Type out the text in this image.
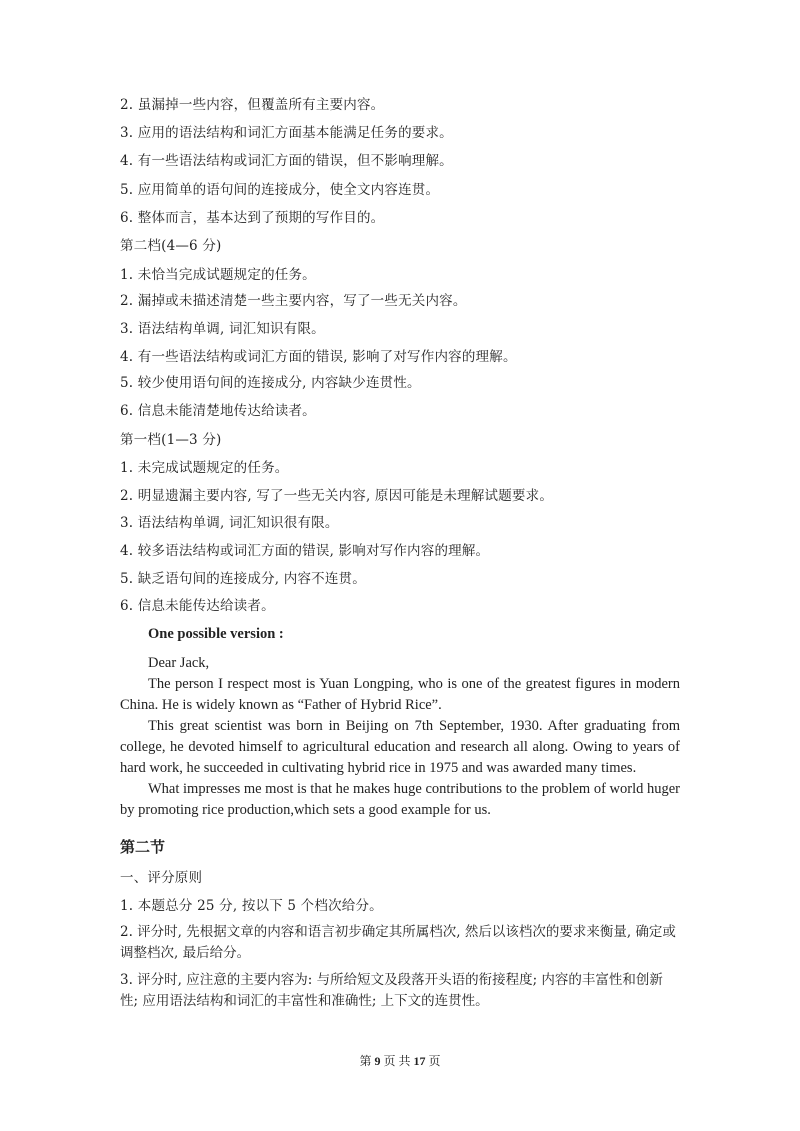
2. 虽漏掉一些内容，但覆盖所有主要内容。
3. 应用的语法结构和词汇方面基本能满足任务的要求。
4. 有一些语法结构或词汇方面的错误，但不影响理解。
5. 应用简单的语句间的连接成分，使全文内容连贯。
6. 整体而言，基本达到了预期的写作目的。
第二档(4—6 分)
1. 未恰当完成试题规定的任务。
2. 漏掉或未描述清楚一些主要内容，写了一些无关内容。
3. 语法结构单调, 词汇知识有限。
4. 有一些语法结构或词汇方面的错误, 影响了对写作内容的理解。
5. 较少使用语句间的连接成分, 内容缺少连贯性。
6. 信息未能清楚地传达给读者。
第一档(1—3 分)
1. 未完成试题规定的任务。
2. 明显遗漏主要内容, 写了一些无关内容, 原因可能是未理解试题要求。
3. 语法结构单调, 词汇知识很有限。
4. 较多语法结构或词汇方面的错误, 影响对写作内容的理解。
5. 缺乏语句间的连接成分, 内容不连贯。
6. 信息未能传达给读者。
One possible version :
Dear Jack,
The person I respect most is Yuan Longping, who is one of the greatest figures in modern
China. He is widely known as “Father of Hybrid Rice”.
This great scientist was born in Beijing on 7th September, 1930. After graduating from
college, he devoted himself to agricultural education and research all along. Owing to years of
hard work, he succeeded in cultivating hybrid rice in 1975 and was awarded many times.
What impresses me most is that he makes huge contributions to the problem of world huger
by promoting rice production,which sets a good example for us.
第二节
一、评分原则
1. 本题总分 25 分, 按以下 5 个档次给分。
2. 评分时, 先根据文章的内容和语言初步确定其所属档次, 然后以该档次的要求来衡量, 确定或调整档次, 最后给分。
3. 评分时, 应注意的主要内容为: 与所给短文及段落开头语的衔接程度; 内容的丰富性和创新性; 应用语法结构和词汇的丰富性和准确性; 上下文的连贯性。
第 9 页 共 17 页
